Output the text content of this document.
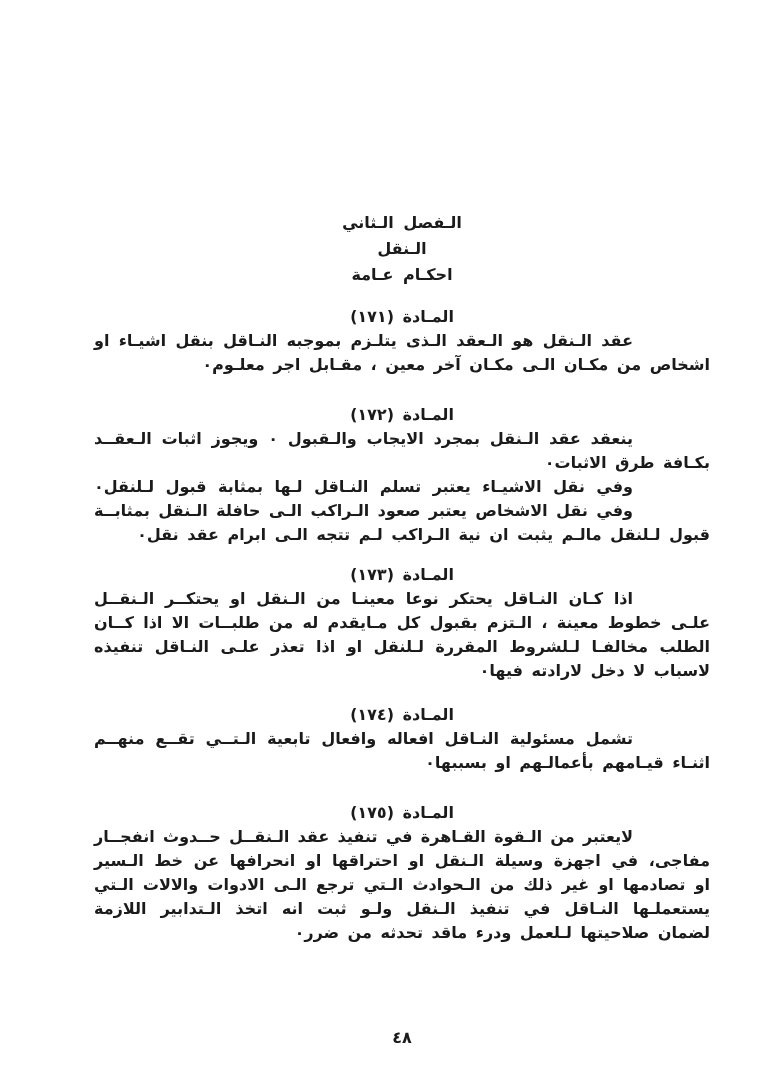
الـفصل الـثاني
الـنقل
احكـام عـامة
المـادة (١٧١)
عقد الـنقل هو الـعقد الـذى يتلـزم بموجبه النـاقل بنقل اشيـاء او
اشخاص من مكـان الـى مكـان آخر معين ، مقـابل اجر معلـوم٠
المـادة (١٧٢)
ينعقد عقد الـنقل بمجرد الايجاب والـقبول ٠ ويجوز اثبات الـعقــد
بكـافة طرق الاثبات٠
وفي نقل الاشيـاء يعتبر تسلم النـاقل لـها بمثابة قبول لـلنقل٠
وفي نقل الاشخاص يعتبر صعود الـراكب الـى حافلة الـنقل بمثابــة
قبول لـلنقل مالـم يثبت ان نية الـراكب لـم تتجه الـى ابرام عقد نقل٠
المـادة (١٧٣)
اذا كـان النـاقل يحتكر نوعا معينـا من الـنقل او يحتكــر الـنقــل
علـى خطوط معينة ، الـتزم بقبول كل مـايقدم له من طلبــات الا اذا كــان
الطلب مخالفـا لـلشروط المقررة لـلنقل او اذا تعذر علـى النـاقل تنفيذه
لاسباب لا دخل لارادته فيها٠
المـادة (١٧٤)
تشمل مسئولية النـاقل افعاله وافعال تابعية الـتــي تقــع منهــم
اثنـاء قيـامهم بأعمالـهم او بسببها٠
المـادة (١٧٥)
لايعتبر من الـقوة القـاهرة في تنفيذ عقد الـنقــل حــدوث انفجــار
مفاجى، في اجهزة وسيلة الـنقل او احتراقها او انحرافها عن خط الـسير
او تصادمها او غير ذلك من الـحوادث الـتي ترجع الـى الادوات والالات الـتي
يستعملـها النـاقل في تنفيذ الـنقل ولـو ثبت انه اتخذ الـتدابير اللازمة
لضمان صلاحيتها لـلعمل ودرء ماقد تحدثه من ضرر٠
٤٨
